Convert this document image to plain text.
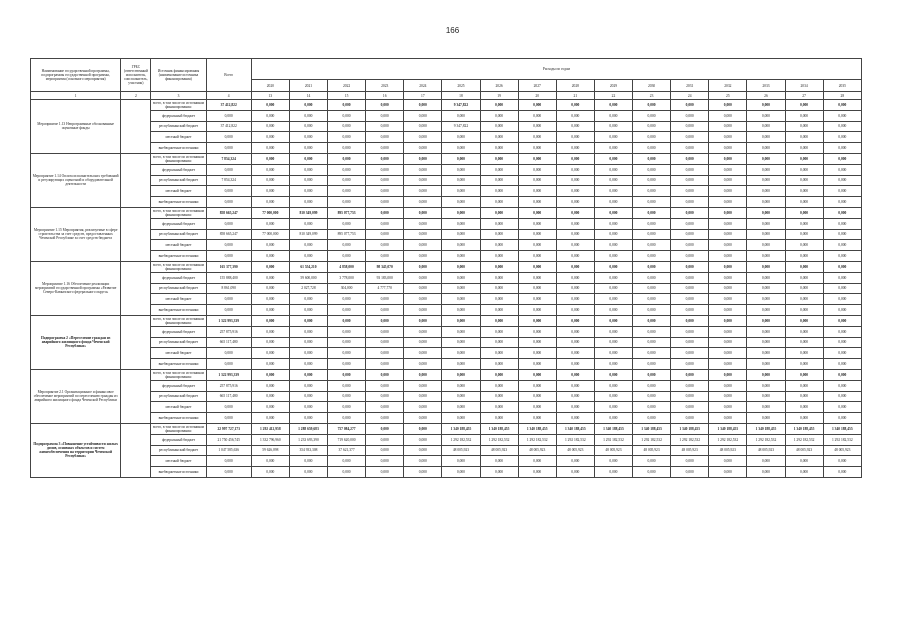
166
Наименование государственной программы, подпрограммы государственной программы, мероприятия (основного мероприятия)	ГРБС (ответственный исполнитель, соисполнитель, участник)	Источник финансирования (наименование источника финансирования)	Всего	Расходы по годам															
				2020	2021	2022	2023	2024	2025	2026	2027	2028	2029	2030	2031	2032	2033	2034	2035
1	2	3	4	13	14	15	16	17	18	19	20	21	22	23	24	25	26	27	28
Мероприятие 1.13 Непрограммные обоснованные оценочные фонды		всего, в том числе по источникам финансирования:	37 412,822	0,000	0,000	0,000	0,000	0,000	9 347,822	0,000	0,000	0,000	0,000	0,000	0,000	0,000	0,000	0,000	0,000
		федеральный бюджет	0,000	0,000	0,000	0,000	0,000	0,000	0,000	0,000	0,000	0,000	0,000	0,000	0,000	0,000	0,000	0,000	0,000
		республиканский бюджет	37 412,822	0,000	0,000	0,000	0,000	0,000	9 347,822	0,000	0,000	0,000	0,000	0,000	0,000	0,000	0,000	0,000	0,000
		местный бюджет	0,000	0,000	0,000	0,000	0,000	0,000	0,000	0,000	0,000	0,000	0,000	0,000	0,000	0,000	0,000	0,000	0,000
		внебюджетные источники	0,000	0,000	0,000	0,000	0,000	0,000	0,000	0,000	0,000	0,000	0,000	0,000	0,000	0,000	0,000	0,000	0,000
Мероприятие 1.14 Оплата исполнительских требований и регулирующих оценочной и оборудовательной деятельности		всего, в том числе по источникам финансирования:	7 854,324	0,000	0,000	0,000	0,000	0,000	0,000	0,000	0,000	0,000	0,000	0,000	0,000	0,000	0,000	0,000	0,000
		федеральный бюджет	0,000	0,000	0,000	0,000	0,000	0,000	0,000	0,000	0,000	0,000	0,000	0,000	0,000	0,000	0,000	0,000	0,000
		республиканский бюджет	7 854,324	0,000	0,000	0,000	0,000	0,000	0,000	0,000	0,000	0,000	0,000	0,000	0,000	0,000	0,000	0,000	0,000
		местный бюджет	0,000	0,000	0,000	0,000	0,000	0,000	0,000	0,000	0,000	0,000	0,000	0,000	0,000	0,000	0,000	0,000	0,000
		внебюджетные источники	0,000	0,000	0,000	0,000	0,000	0,000	0,000	0,000	0,000	0,000	0,000	0,000	0,000	0,000	0,000	0,000	0,000
Мероприятие 1.15 Мероприятия, реализуемые в сфере строительства за счет средств, предоставленных Чеченской Республике за счет средств бюджета		всего, в том числе по источникам финансирования:	858 665,247	77 000,000	810 349,099	895 077,753	0,000	0,000	0,000	0,000	0,000	0,000	0,000	0,000	0,000	0,000	0,000	0,000	0,000
		федеральный бюджет	0,000	0,000	0,000	0,000	0,000	0,000	0,000	0,000	0,000	0,000	0,000	0,000	0,000	0,000	0,000	0,000	0,000
		республиканский бюджет	858 665,247	77 000,000	810 349,099	895 077,753	0,000	0,000	0,000	0,000	0,000	0,000	0,000	0,000	0,000	0,000	0,000	0,000	0,000
		местный бюджет	0,000	0,000	0,000	0,000	0,000	0,000	0,000	0,000	0,000	0,000	0,000	0,000	0,000	0,000	0,000	0,000	0,000
		внебюджетные источники	0,000	0,000	0,000	0,000	0,000	0,000	0,000	0,000	0,000	0,000	0,000	0,000	0,000	0,000	0,000	0,000	0,000
Мероприятие 1.16 Обеспечение реализации мероприятий государственной программы «Развитие Северо-Кавказского федерального округа»		всего, в том числе по источникам финансирования:	165 377,390	0,000	61 554,210	4 858,000	98 345,070	0,000	0,000	0,000	0,000	0,000	0,000	0,000	0,000	0,000	0,000	0,000	0,000
		федеральный бюджет	155 888,400	0,000	59 600,000	3 778,000	93 183,000	0,000	0,000	0,000	0,000	0,000	0,000	0,000	0,000	0,000	0,000	0,000	0,000
		республиканский бюджет	8 861,090	0,000	2 027,728	304,000	4 777,770	0,000	0,000	0,000	0,000	0,000	0,000	0,000	0,000	0,000	0,000	0,000	0,000
		местный бюджет	0,000	0,000	0,000	0,000	0,000	0,000	0,000	0,000	0,000	0,000	0,000	0,000	0,000	0,000	0,000	0,000	0,000
		внебюджетные источники	0,000	0,000	0,000	0,000	0,000	0,000	0,000	0,000	0,000	0,000	0,000	0,000	0,000	0,000	0,000	0,000	0,000
Подпрограмма 2 «Переселение граждан из аварийного жилищного фонда Чеченской Республики»		всего, в том числе по источникам финансирования:	1 322 993,339	0,000	0,000	0,000	0,000	0,000	0,000	0,000	0,000	0,000	0,000	0,000	0,000	0,000	0,000	0,000	0,000
		федеральный бюджет	257 875,916	0,000	0,000	0,000	0,000	0,000	0,000	0,000	0,000	0,000	0,000	0,000	0,000	0,000	0,000	0,000	0,000
		республиканский бюджет	665 117,480	0,000	0,000	0,000	0,000	0,000	0,000	0,000	0,000	0,000	0,000	0,000	0,000	0,000	0,000	0,000	0,000
		местный бюджет	0,000	0,000	0,000	0,000	0,000	0,000	0,000	0,000	0,000	0,000	0,000	0,000	0,000	0,000	0,000	0,000	0,000
		внебюджетные источники	0,000	0,000	0,000	0,000	0,000	0,000	0,000	0,000	0,000	0,000	0,000	0,000	0,000	0,000	0,000	0,000	0,000
Мероприятие 2.1 Организационное и финансовое обеспечение мероприятий по переселению граждан из аварийного жилищного фонда Чеченской Республики		всего, в том числе по источникам финансирования:	1 322 993,339	0,000	0,000	0,000	0,000	0,000	0,000	0,000	0,000	0,000	0,000	0,000	0,000	0,000	0,000	0,000	0,000
		федеральный бюджет	257 875,916	0,000	0,000	0,000	0,000	0,000	0,000	0,000	0,000	0,000	0,000	0,000	0,000	0,000	0,000	0,000	0,000
		республиканский бюджет	665 117,480	0,000	0,000	0,000	0,000	0,000	0,000	0,000	0,000	0,000	0,000	0,000	0,000	0,000	0,000	0,000	0,000
		местный бюджет	0,000	0,000	0,000	0,000	0,000	0,000	0,000	0,000	0,000	0,000	0,000	0,000	0,000	0,000	0,000	0,000	0,000
		внебюджетные источники	0,000	0,000	0,000	0,000	0,000	0,000	0,000	0,000	0,000	0,000	0,000	0,000	0,000	0,000	0,000	0,000	0,000
Подпрограмма 3 «Повышение устойчивости жилых домов, основных объектов и систем жизнеобеспечения на территории Чеченской Республики»		всего, в том числе по источникам финансирования:	22 997 727,173	1 292 412,958	1 288 659,683	757 084,277	0,000	0,000	1 340 188,455	1 340 188,455	1 340 188,455	1 340 188,455	1 340 188,455	1 340 188,455	1 340 188,455	1 340 188,455	1 340 188,455	1 340 188,455	1 340 188,455
		федеральный бюджет	21 750 456,745	1 332 796,960	1 233 693,390	719 620,000	0,000	0,000	1 292 182,532	1 292 182,532	1 292 182,532	1 292 182,532	1 292 182,532	1 292 182,532	1 292 182,532	1 292 182,532	1 292 182,532	1 292 182,532	1 292 182,532
		республиканский бюджет	1 047 585,636	59 626,098	354 933,308	37 621,377	0,000	0,000	48 005,923	48 005,923	48 005,923	48 005,923	48 005,923	48 005,923	48 005,923	48 005,923	48 005,923	48 005,923	48 005,923
		местный бюджет	0,000	0,000	0,000	0,000	0,000	0,000	0,000	0,000	0,000	0,000	0,000	0,000	0,000	0,000	0,000	0,000	0,000
		внебюджетные источники	0,000	0,000	0,000	0,000	0,000	0,000	0,000	0,000	0,000	0,000	0,000	0,000	0,000	0,000	0,000	0,000	0,000
